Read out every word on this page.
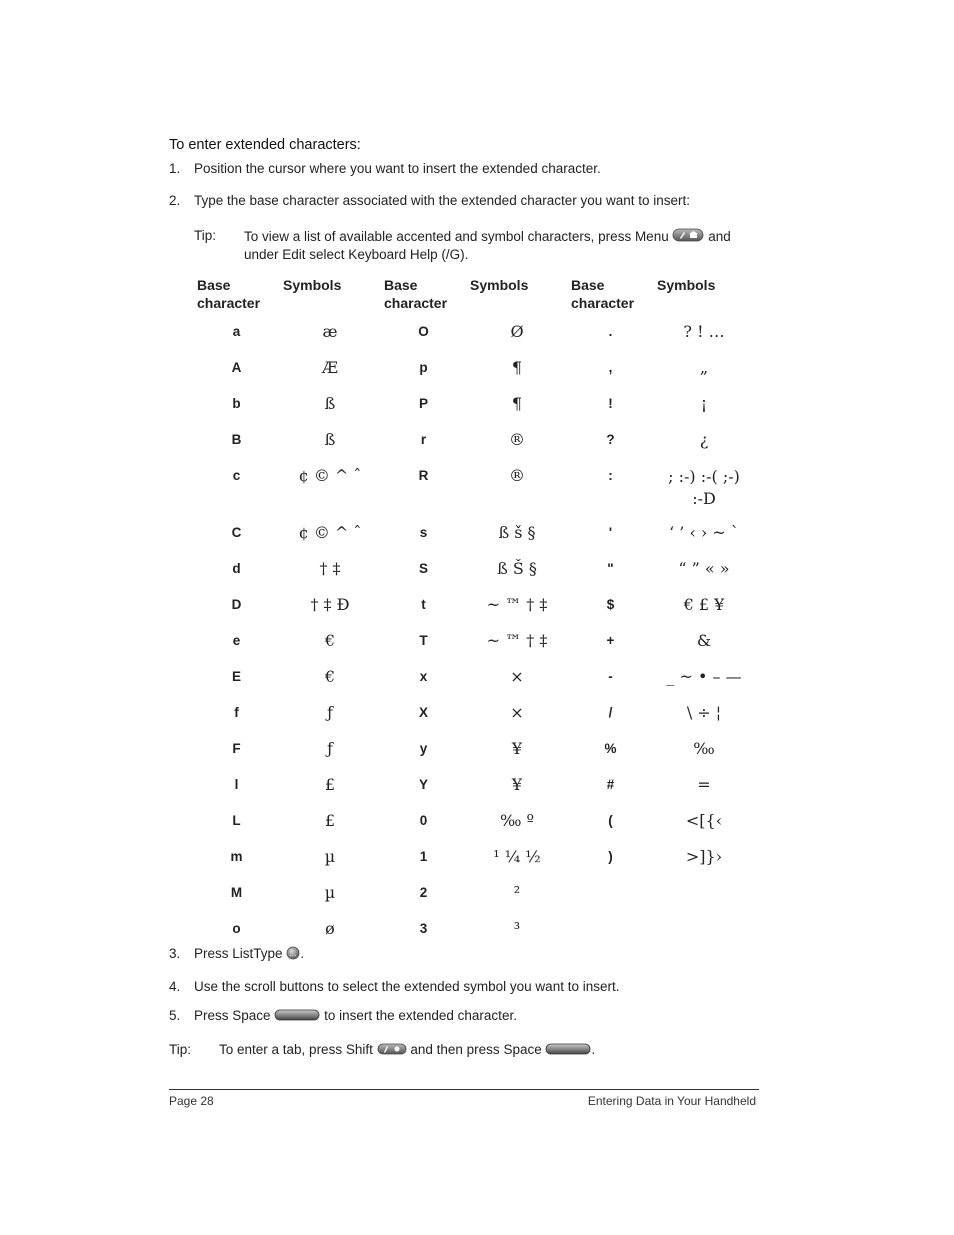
To enter extended characters:
1. Position the cursor where you want to insert the extended character.
2. Type the base character associated with the extended character you want to insert:
Tip: To view a list of available accented and symbol characters, press Menu	and
under Edit select Keyboard Help (/G).
Base
character	Symbols	Base
character	Symbols	Base
character	Symbols
a	æ	O	Ø	.	? ! …
A	Æ	p	¶	,	„
b	ß	P	¶	!	¡
B	ß	r	®	?	¿
c	¢ © ^ ˆ	R	®	:	; :-) :-( ;-) :-D
C	¢ © ^ ˆ	s	ß š §	'	‘ ’ ‹ › ~ `
d	† ‡	S	ß Š §	"	“ ” « »
D	† ‡ Đ	t	~ ™ † ‡	$	€ £ ¥
e	€	T	~ ™ † ‡	+	&
E	€	x	×	-	_ ~ • – —
f	ƒ	X	×	/	\ ÷ ¦
F	ƒ	y	¥	%	‰
l	£	Y	¥	#	=
L	£	0	‰ º	(	<[{‹
m	µ	1	¹ ¼ ½	)	>]}›
M	µ	2	²		
o	ø	3	³		
3. Press ListType … .
4. Use the scroll buttons to select the extended symbol you want to insert.
5. Press Space	to insert the extended character.
Tip: To enter a tab, press Shift	and then press Space	.
Page 28	Entering Data in Your Handheld
